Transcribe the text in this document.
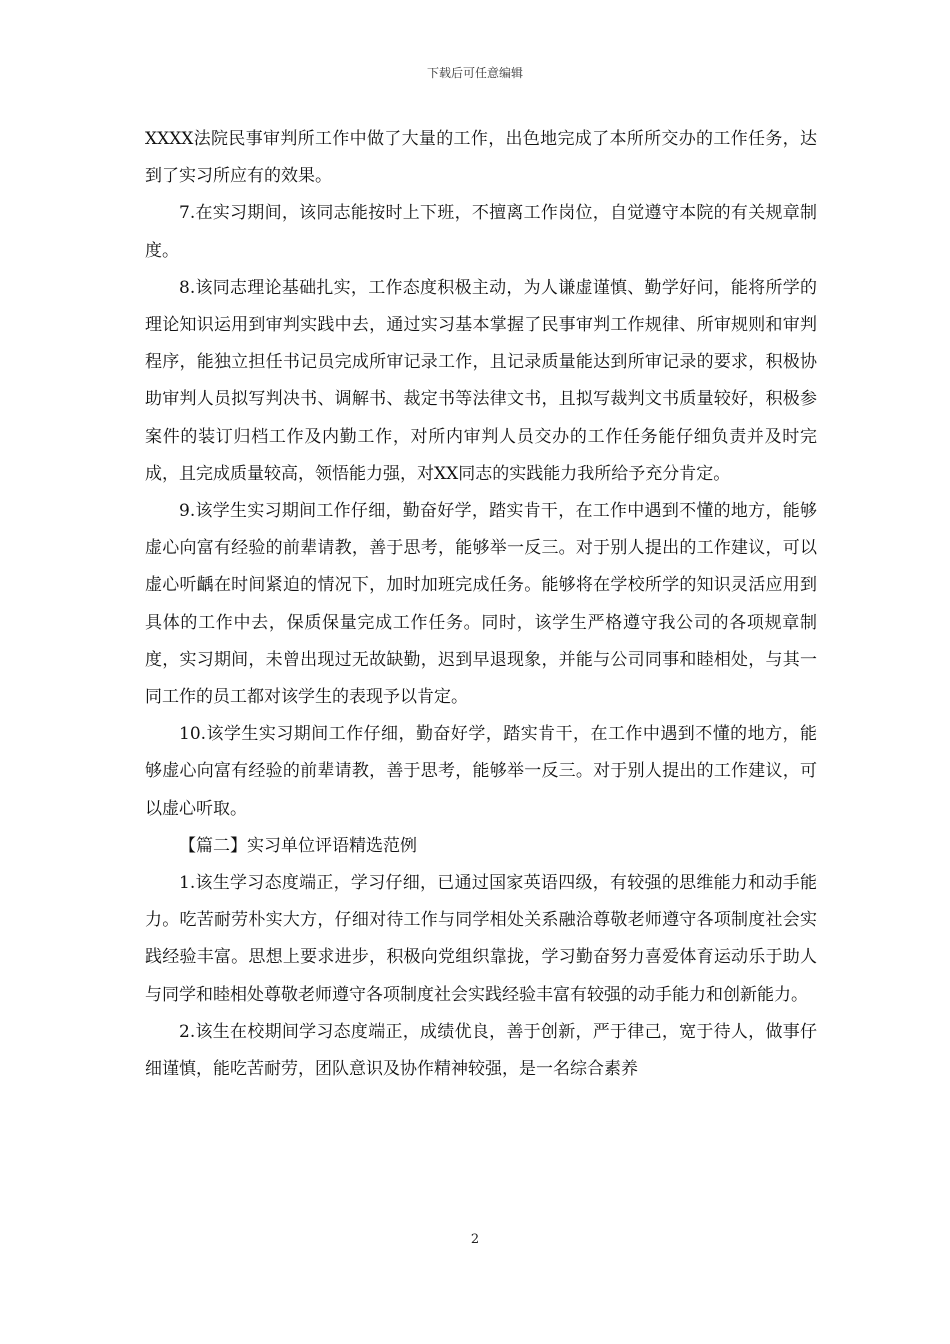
下载后可任意编辑

XXXX法院民事审判所工作中做了大量的工作，出色地完成了本所所交办的工作任务，达到了实习所应有的效果。

7.在实习期间，该同志能按时上下班，不擅离工作岗位，自觉遵守本院的有关规章制度。

8.该同志理论基础扎实，工作态度积极主动，为人谦虚谨慎、勤学好问，能将所学的理论知识运用到审判实践中去，通过实习基本掌握了民事审判工作规律、所审规则和审判程序，能独立担任书记员完成所审记录工作，且记录质量能达到所审记录的要求，积极协助审判人员拟写判决书、调解书、裁定书等法律文书，且拟写裁判文书质量较好，积极参案件的装订归档工作及内勤工作，对所内审判人员交办的工作任务能仔细负责并及时完成，且完成质量较高，领悟能力强，对XX同志的实践能力我所给予充分肯定。

9.该学生实习期间工作仔细，勤奋好学，踏实肯干，在工作中遇到不懂的地方，能够虚心向富有经验的前辈请教，善于思考，能够举一反三。对于别人提出的工作建议，可以虚心听齲在时间紧迫的情况下，加时加班完成任务。能够将在学校所学的知识灵活应用到具体的工作中去，保质保量完成工作任务。同时，该学生严格遵守我公司的各项规章制度，实习期间，未曾出现过无故缺勤，迟到早退现象，并能与公司同事和睦相处，与其一同工作的员工都对该学生的表现予以肯定。

10.该学生实习期间工作仔细，勤奋好学，踏实肯干，在工作中遇到不懂的地方，能够虚心向富有经验的前辈请教，善于思考，能够举一反三。对于别人提出的工作建议，可以虚心听取。

【篇二】实习单位评语精选范例

1.该生学习态度端正，学习仔细，已通过国家英语四级，有较强的思维能力和动手能力。吃苦耐劳朴实大方，仔细对待工作与同学相处关系融洽尊敬老师遵守各项制度社会实践经验丰富。思想上要求进步，积极向党组织靠拢，学习勤奋努力喜爱体育运动乐于助人与同学和睦相处尊敬老师遵守各项制度社会实践经验丰富有较强的动手能力和创新能力。

2.该生在校期间学习态度端正，成绩优良，善于创新，严于律己，宽于待人，做事仔细谨慎，能吃苦耐劳，团队意识及协作精神较强，是一名综合素养

2
